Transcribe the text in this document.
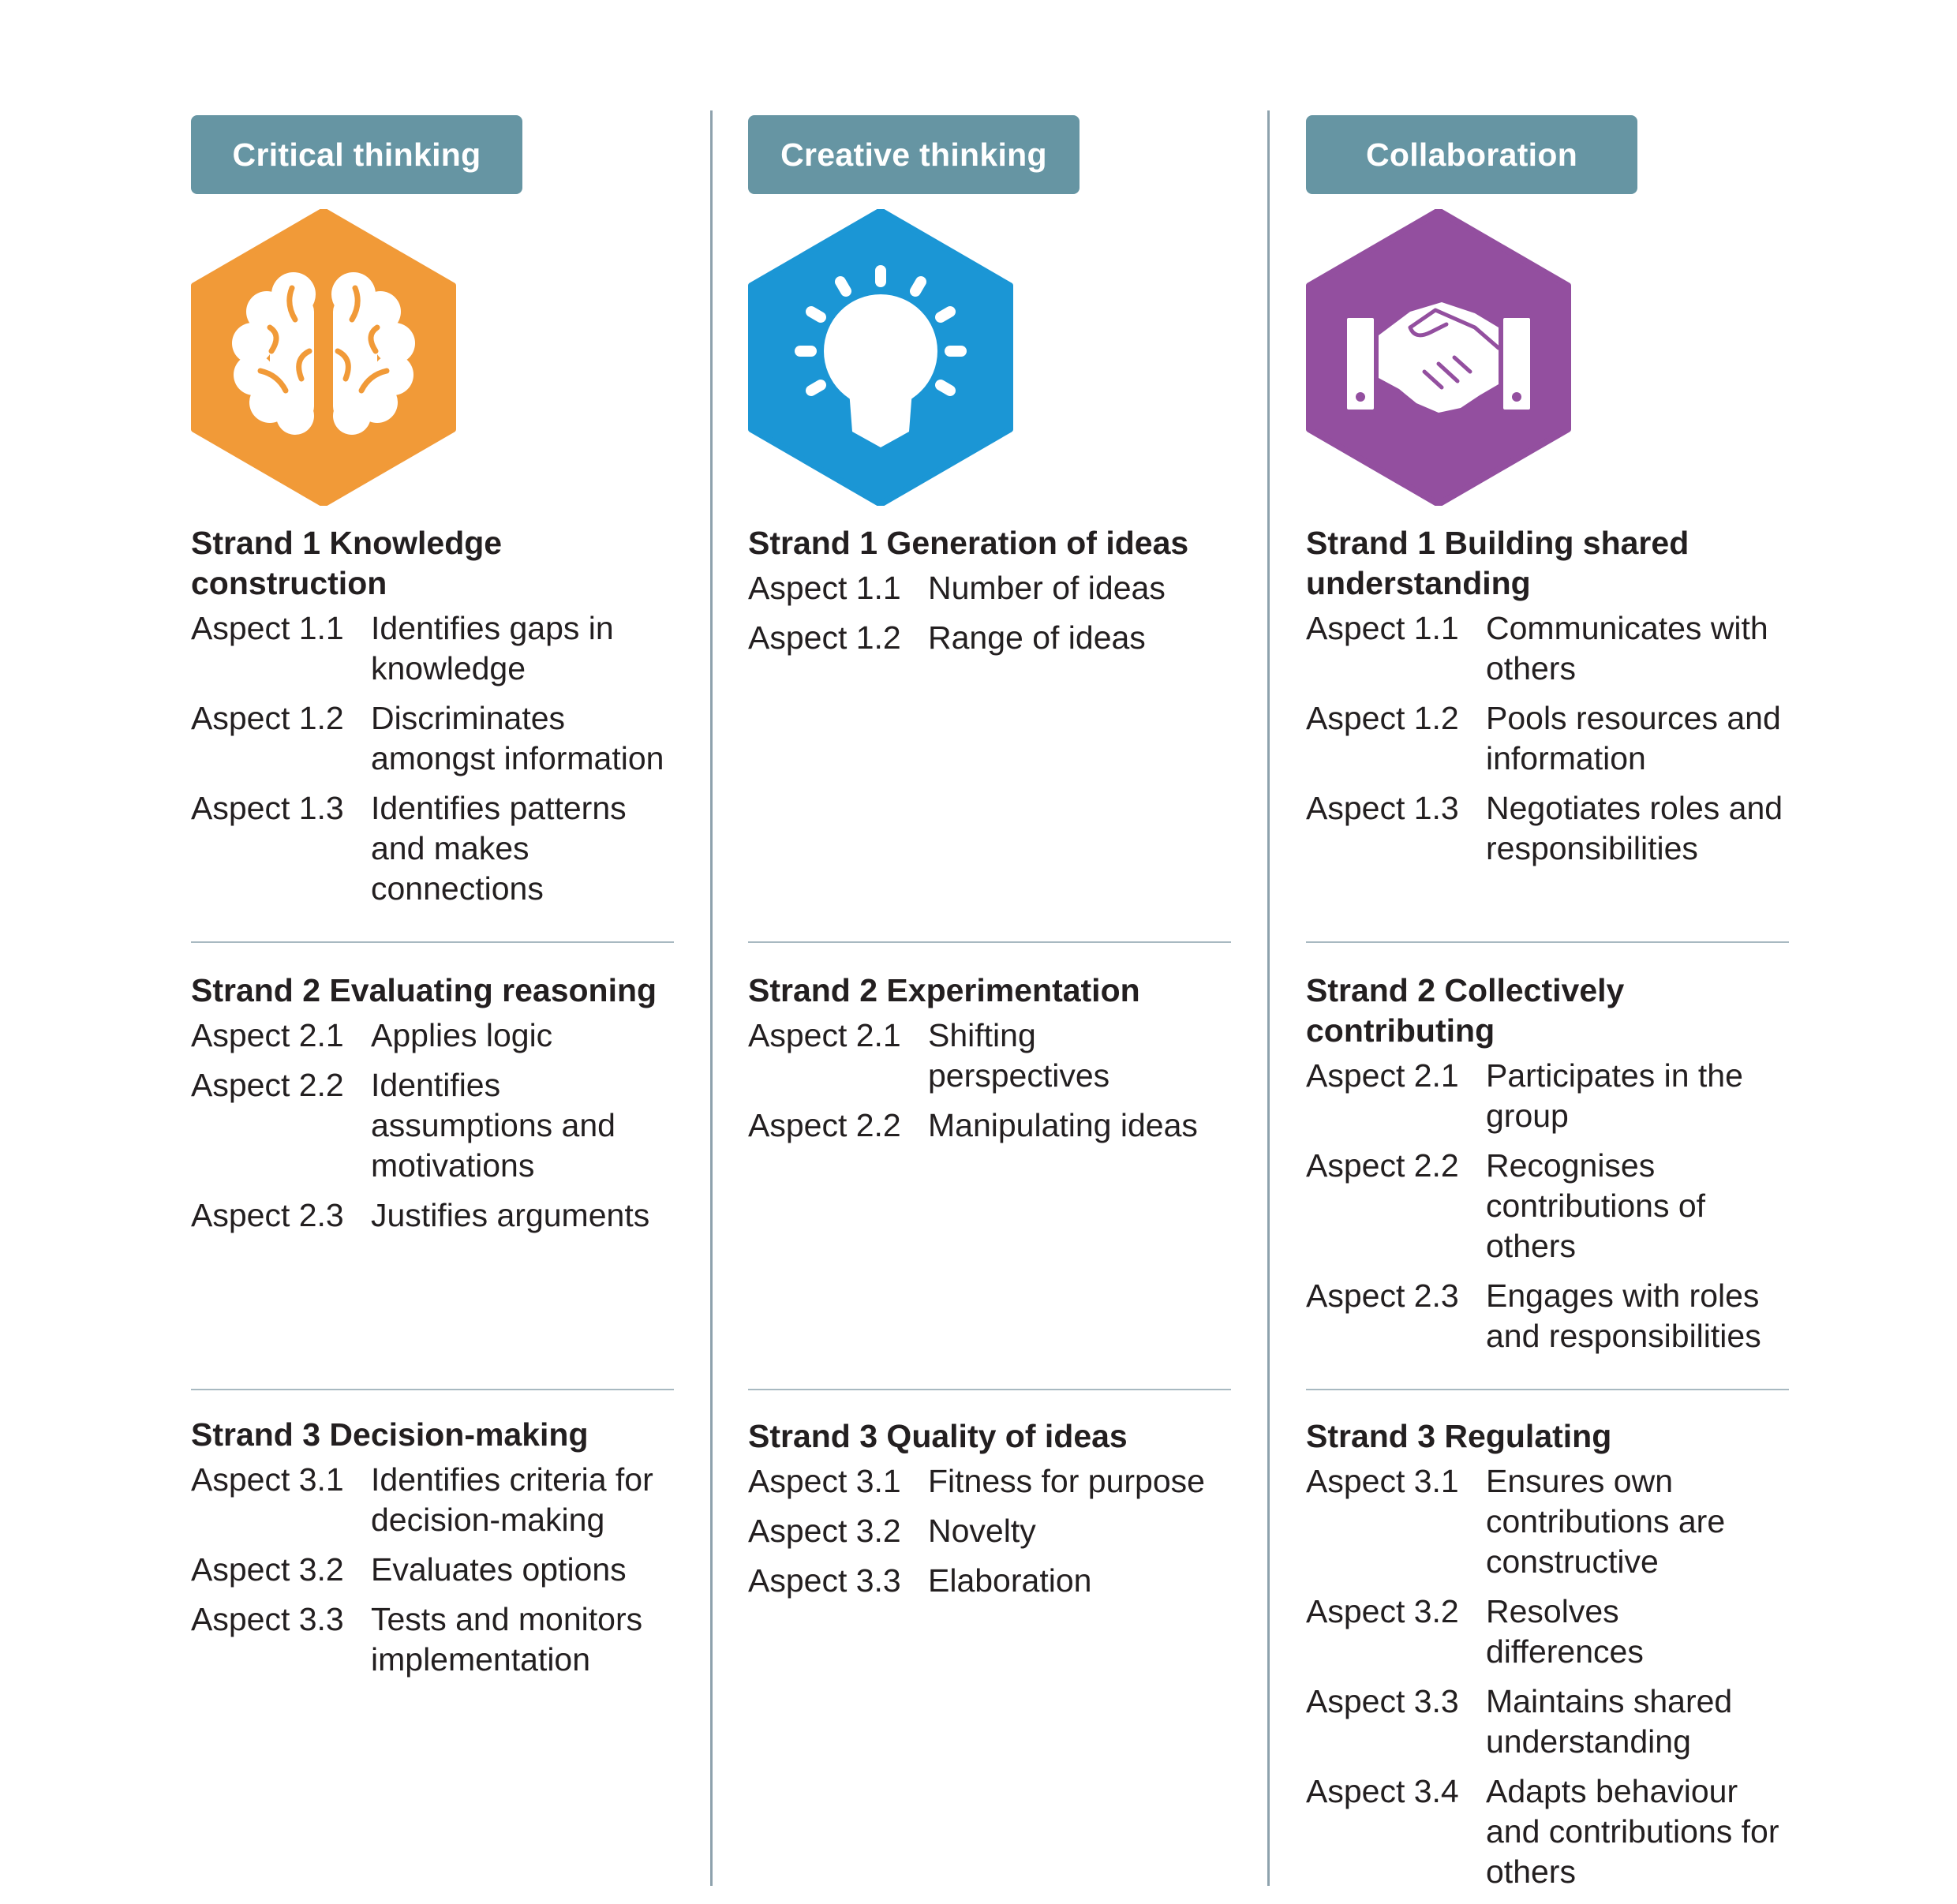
Critical thinking
Strand 1 Knowledge construction
Aspect 1.1 Identifies gaps in knowledge
Aspect 1.2 Discriminates amongst information
Aspect 1.3 Identifies patterns and makes connections
Strand 2 Evaluating reasoning
Aspect 2.1 Applies logic
Aspect 2.2 Identifies assumptions and motivations
Aspect 2.3 Justifies arguments
Strand 3 Decision-making
Aspect 3.1 Identifies criteria for decision-making
Aspect 3.2 Evaluates options
Aspect 3.3 Tests and monitors implementation
Creative thinking
Strand 1 Generation of ideas
Aspect 1.1 Number of ideas
Aspect 1.2 Range of ideas
Strand 2 Experimentation
Aspect 2.1 Shifting perspectives
Aspect 2.2 Manipulating ideas
Strand 3 Quality of ideas
Aspect 3.1 Fitness for purpose
Aspect 3.2 Novelty
Aspect 3.3 Elaboration
Collaboration
Strand 1 Building shared understanding
Aspect 1.1 Communicates with others
Aspect 1.2 Pools resources and information
Aspect 1.3 Negotiates roles and responsibilities
Strand 2 Collectively contributing
Aspect 2.1 Participates in the group
Aspect 2.2 Recognises contributions of others
Aspect 2.3 Engages with roles and responsibilities
Strand 3 Regulating
Aspect 3.1 Ensures own contributions are constructive
Aspect 3.2 Resolves differences
Aspect 3.3 Maintains shared understanding
Aspect 3.4 Adapts behaviour and contributions for others
